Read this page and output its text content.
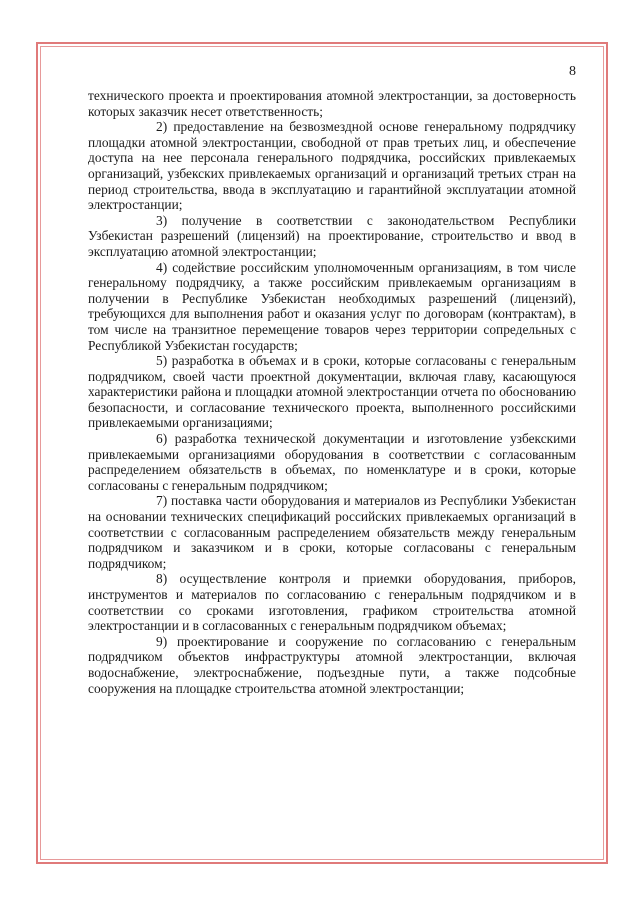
8

технического проекта и проектирования атомной электростанции, за достоверность которых заказчик несет ответственность;

2) предоставление на безвозмездной основе генеральному подрядчику площадки атомной электростанции, свободной от прав третьих лиц, и обеспечение доступа на нее персонала генерального подрядчика, российских привлекаемых организаций, узбекских привлекаемых организаций и организаций третьих стран на период строительства, ввода в эксплуатацию и гарантийной эксплуатации атомной электростанции;

3) получение в соответствии с законодательством Республики Узбекистан разрешений (лицензий) на проектирование, строительство и ввод в эксплуатацию атомной электростанции;

4) содействие российским уполномоченным организациям, в том числе генеральному подрядчику, а также российским привлекаемым организациям в получении в Республике Узбекистан необходимых разрешений (лицензий), требующихся для выполнения работ и оказания услуг по договорам (контрактам), в том числе на транзитное перемещение товаров через территории сопредельных с Республикой Узбекистан государств;

5) разработка в объемах и в сроки, которые согласованы с генеральным подрядчиком, своей части проектной документации, включая главу, касающуюся характеристики района и площадки атомной электростанции отчета по обоснованию безопасности, и согласование технического проекта, выполненного российскими привлекаемыми организациями;

6) разработка технической документации и изготовление узбекскими привлекаемыми организациями оборудования в соответствии с согласованным распределением обязательств в объемах, по номенклатуре и в сроки, которые согласованы с генеральным подрядчиком;

7) поставка части оборудования и материалов из Республики Узбекистан на основании технических спецификаций российских привлекаемых организаций в соответствии с согласованным распределением обязательств между генеральным подрядчиком и заказчиком и в сроки, которые согласованы с генеральным подрядчиком;

8) осуществление контроля и приемки оборудования, приборов, инструментов и материалов по согласованию с генеральным подрядчиком и в соответствии со сроками изготовления, графиком строительства атомной электростанции и в согласованных с генеральным подрядчиком объемах;

9) проектирование и сооружение по согласованию с генеральным подрядчиком объектов инфраструктуры атомной электростанции, включая водоснабжение, электроснабжение, подъездные пути, а также подсобные сооружения на площадке строительства атомной электростанции;
